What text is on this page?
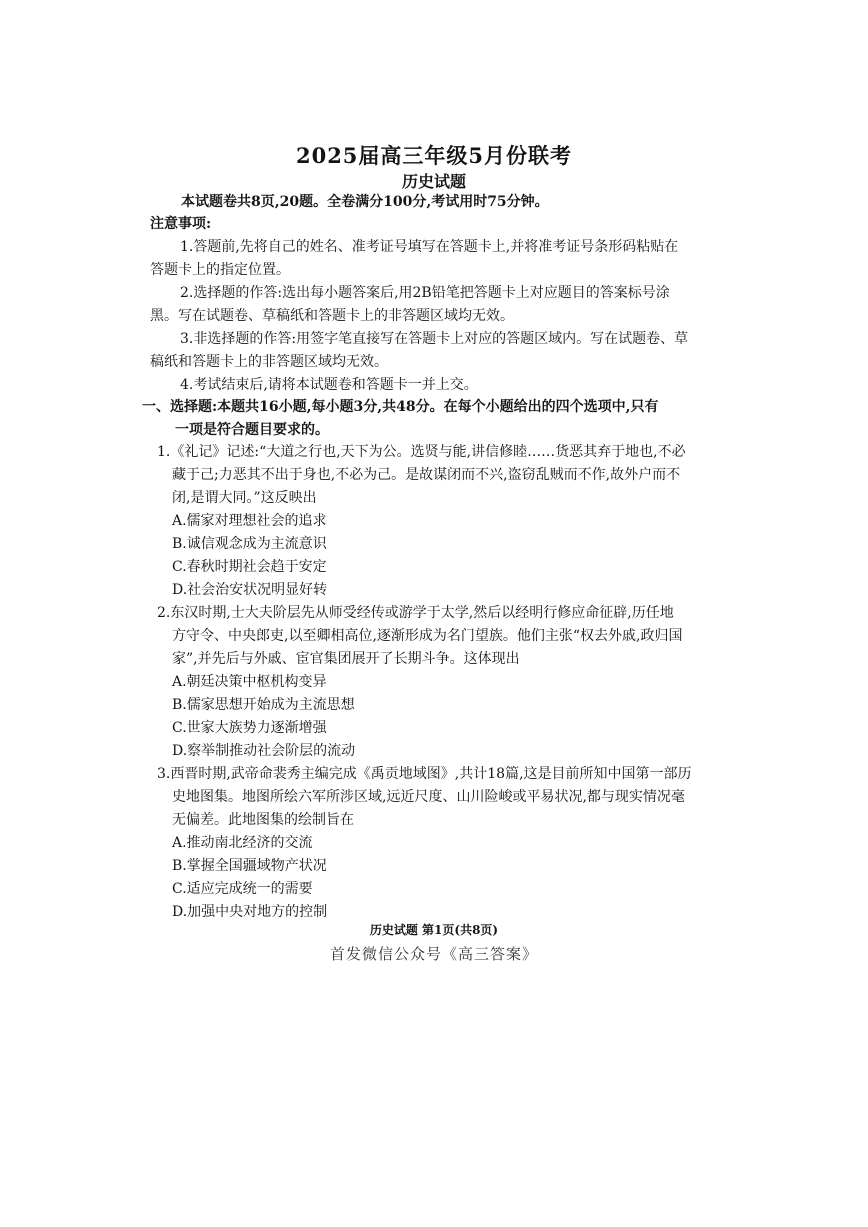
2025届高三年级5月份联考
历史试题
本试题卷共8页,20题。全卷满分100分,考试用时75分钟。
注意事项:
1.答题前,先将自己的姓名、准考证号填写在答题卡上,并将准考证号条形码粘贴在
答题卡上的指定位置。
2.选择题的作答:选出每小题答案后,用2B铅笔把答题卡上对应题目的答案标号涂
黑。写在试题卷、草稿纸和答题卡上的非答题区域均无效。
3.非选择题的作答:用签字笔直接写在答题卡上对应的答题区域内。写在试题卷、草
稿纸和答题卡上的非答题区域均无效。
4.考试结束后,请将本试题卷和答题卡一并上交。
一、选择题:本题共16小题,每小题3分,共48分。在每个小题给出的四个选项中,只有
一项是符合题目要求的。
1.《礼记》记述:“大道之行也,天下为公。选贤与能,讲信修睦……货恶其弃于地也,不必
藏于己;力恶其不出于身也,不必为己。是故谋闭而不兴,盗窃乱贼而不作,故外户而不
闭,是谓大同。”这反映出
A.儒家对理想社会的追求
B.诚信观念成为主流意识
C.春秋时期社会趋于安定
D.社会治安状况明显好转
2.东汉时期,士大夫阶层先从师受经传或游学于太学,然后以经明行修应命征辟,历任地
方守令、中央郎吏,以至卿相高位,逐渐形成为名门望族。他们主张“权去外戚,政归国
家”,并先后与外戚、宦官集团展开了长期斗争。这体现出
A.朝廷决策中枢机构变异
B.儒家思想开始成为主流思想
C.世家大族势力逐渐增强
D.察举制推动社会阶层的流动
3.西晋时期,武帝命裴秀主编完成《禹贡地域图》,共计18篇,这是目前所知中国第一部历
史地图集。地图所绘六军所涉区域,远近尺度、山川险峻或平易状况,都与现实情况毫
无偏差。此地图集的绘制旨在
A.推动南北经济的交流
B.掌握全国疆域物产状况
C.适应完成统一的需要
D.加强中央对地方的控制
历史试题 第1页(共8页)
首发微信公众号《高三答案》
